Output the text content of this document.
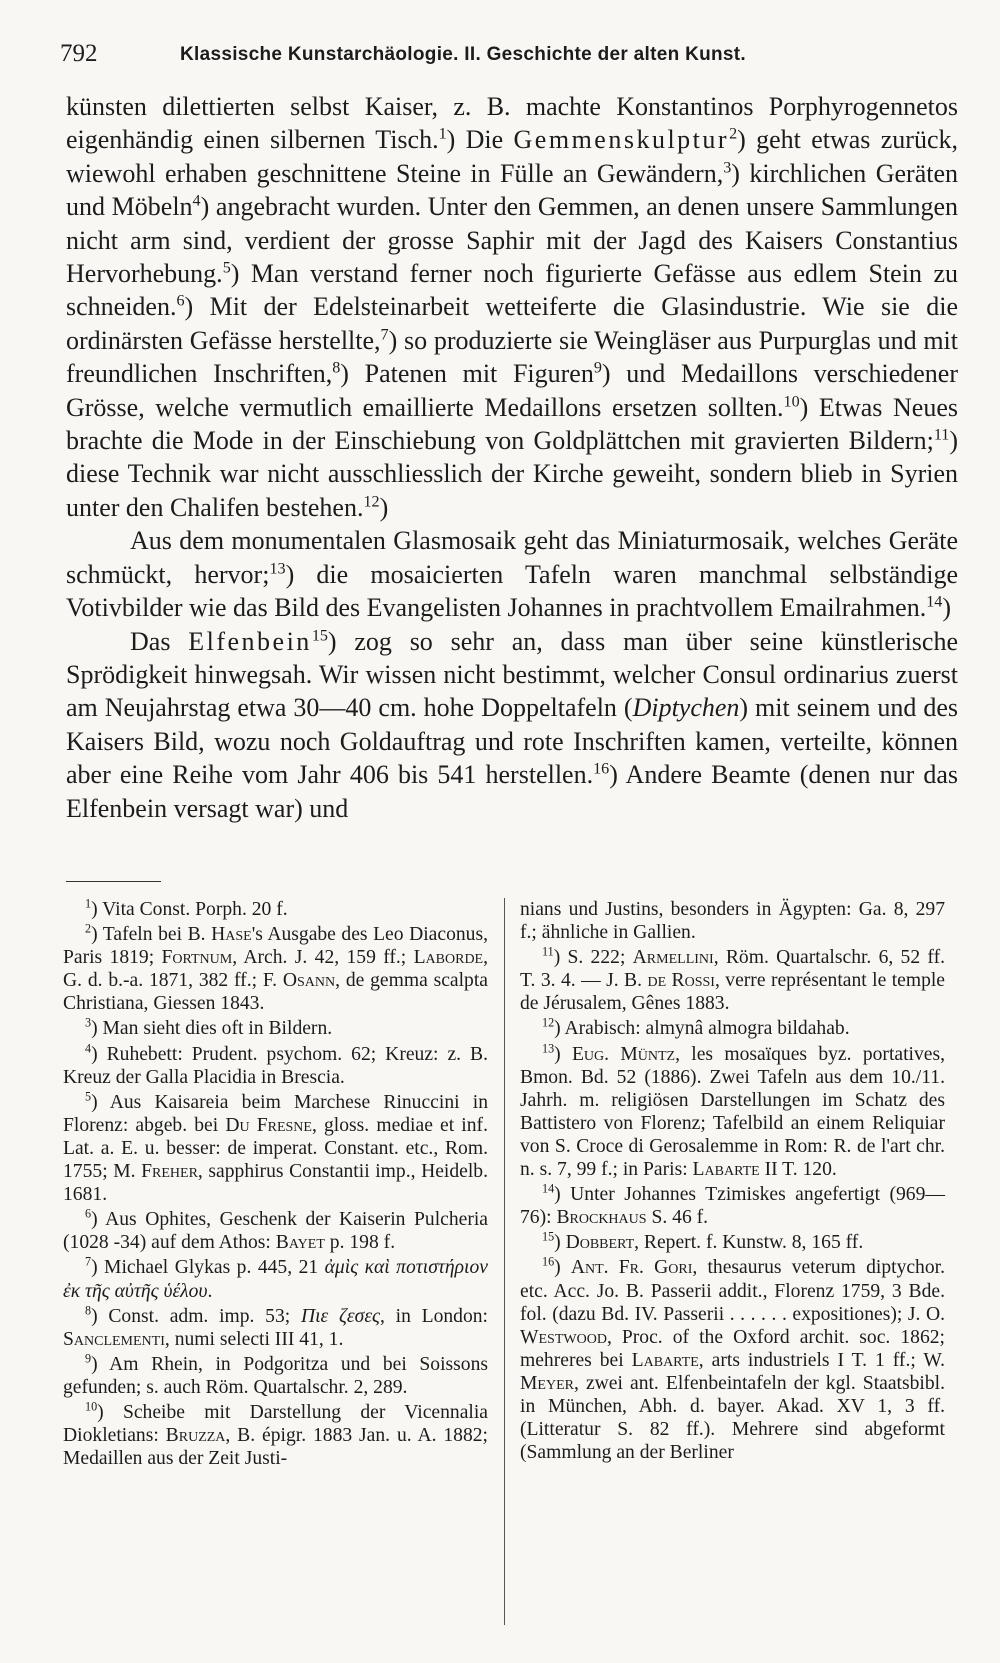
792	Klassische Kunstarchäologie. II. Geschichte der alten Kunst.

künsten dilettierten selbst Kaiser, z. B. machte Konstantinos Porphyrogennetos eigenhändig einen silbernen Tisch.$^1$) Die Gemmenskulptur$^2$) geht etwas zurück, wiewohl erhaben geschnittene Steine in Fülle an Gewändern,$^3$) kirchlichen Geräten und Möbeln$^4$) angebracht wurden. Unter den Gemmen, an denen unsere Sammlungen nicht arm sind, verdient der grosse Saphir mit der Jagd des Kaisers Constantius Hervorhebung.$^5$) Man verstand ferner noch figurierte Gefässe aus edlem Stein zu schneiden.$^6$) Mit der Edelsteinarbeit wetteiferte die Glasindustrie. Wie sie die ordinärsten Gefässe herstellte,$^7$) so produzierte sie Weingläser aus Purpurglas und mit freundlichen Inschriften,$^8$) Patenen mit Figuren$^9$) und Medaillons verschiedener Grösse, welche vermutlich emaillierte Medaillons ersetzen sollten.$^{10}$) Etwas Neues brachte die Mode in der Einschiebung von Goldplättchen mit gravierten Bildern;$^{11}$) diese Technik war nicht ausschliesslich der Kirche geweiht, sondern blieb in Syrien unter den Chalifen bestehen.$^{12}$)

Aus dem monumentalen Glasmosaik geht das Miniaturmosaik, welches Geräte schmückt, hervor;$^{13}$) die mosaicierten Tafeln waren manchmal selbständige Votivbilder wie das Bild des Evangelisten Johannes in prachtvollem Emailrahmen.$^{14}$)

Das Elfenbein$^{15}$) zog so sehr an, dass man über seine künstlerische Sprödigkeit hinwegsah. Wir wissen nicht bestimmt, welcher Consul ordinarius zuerst am Neujahrstag etwa 30—40 cm. hohe Doppeltafeln (Diptychen) mit seinem und des Kaisers Bild, wozu noch Goldauftrag und rote Inschriften kamen, verteilte, können aber eine Reihe vom Jahr 406 bis 541 herstellen.$^{16}$) Andere Beamte (denen nur das Elfenbein versagt war) und

$^1$) Vita Const. Porph. 20 f.

$^2$) Tafeln bei B. Hase's Ausgabe des Leo Diaconus, Paris 1819; Fortnum, Arch. J. 42, 159 ff.; Laborde, G. d. b.-a. 1871, 382 ff.; F. Osann, de gemma scalpta Christiana, Giessen 1843.

$^3$) Man sieht dies oft in Bildern.

$^4$) Ruhebett: Prudent. psychom. 62; Kreuz: z. B. Kreuz der Galla Placidia in Brescia.

$^5$) Aus Kaisareia beim Marchese Rinuccini in Florenz: abgeb. bei Du Fresne, gloss. mediae et inf. Lat. a. E. u. besser: de imperat. Constant. etc., Rom. 1755; M. Freher, sapphirus Constantii imp., Heidelb. 1681.

$^6$) Aus Ophites, Geschenk der Kaiserin Pulcheria (1028 -34) auf dem Athos: Bayet p. 198 f.

$^7$) Michael Glykas p. 445, 21 ἀμὶς καὶ ποτιστήριον ἐκ τῆς αὐτῆς ὑέλου.

$^8$) Const. adm. imp. 53; Πιε ζεσες, in London: Sanclementi, numi selecti III 41, 1.

$^9$) Am Rhein, in Podgoritza und bei Soissons gefunden; s. auch Röm. Quartalschr. 2, 289.

$^{10}$) Scheibe mit Darstellung der Vicennalia Diokletians: Bruzza, B. épigr. 1883 Jan. u. A. 1882; Medaillen aus der Zeit Justi-

nians und Justins, besonders in Ägypten: Ga. 8, 297 f.; ähnliche in Gallien.

$^{11}$) S. 222; Armellini, Röm. Quartalschr. 6, 52 ff. T. 3. 4. — J. B. de Rossi, verre représentant le temple de Jérusalem, Gênes 1883.

$^{12}$) Arabisch: almynâ almogra bildahab.

$^{13}$) Eug. Müntz, les mosaïques byz. portatives, Bmon. Bd. 52 (1886). Zwei Tafeln aus dem 10./11. Jahrh. m. religiösen Darstellungen im Schatz des Battistero von Florenz; Tafelbild an einem Reliquiar von S. Croce di Gerosalemme in Rom: R. de l'art chr. n. s. 7, 99 f.; in Paris: Labarte II T. 120.

$^{14}$) Unter Johannes Tzimiskes angefertigt (969—76): Brockhaus S. 46 f.

$^{15}$) Dobbert, Repert. f. Kunstw. 8, 165 ff.

$^{16}$) Ant. Fr. Gori, thesaurus veterum diptychor. etc. Acc. Jo. B. Passerii addit., Florenz 1759, 3 Bde. fol. (dazu Bd. IV. Passerii . . . . . . expositiones); J. O. Westwood, Proc. of the Oxford archit. soc. 1862; mehreres bei Labarte, arts industriels I T. 1 ff.; W. Meyer, zwei ant. Elfenbeintafeln der kgl. Staatsbibl. in München, Abh. d. bayer. Akad. XV 1, 3 ff. (Litteratur S. 82 ff.). Mehrere sind abgeformt (Sammlung an der Berliner
